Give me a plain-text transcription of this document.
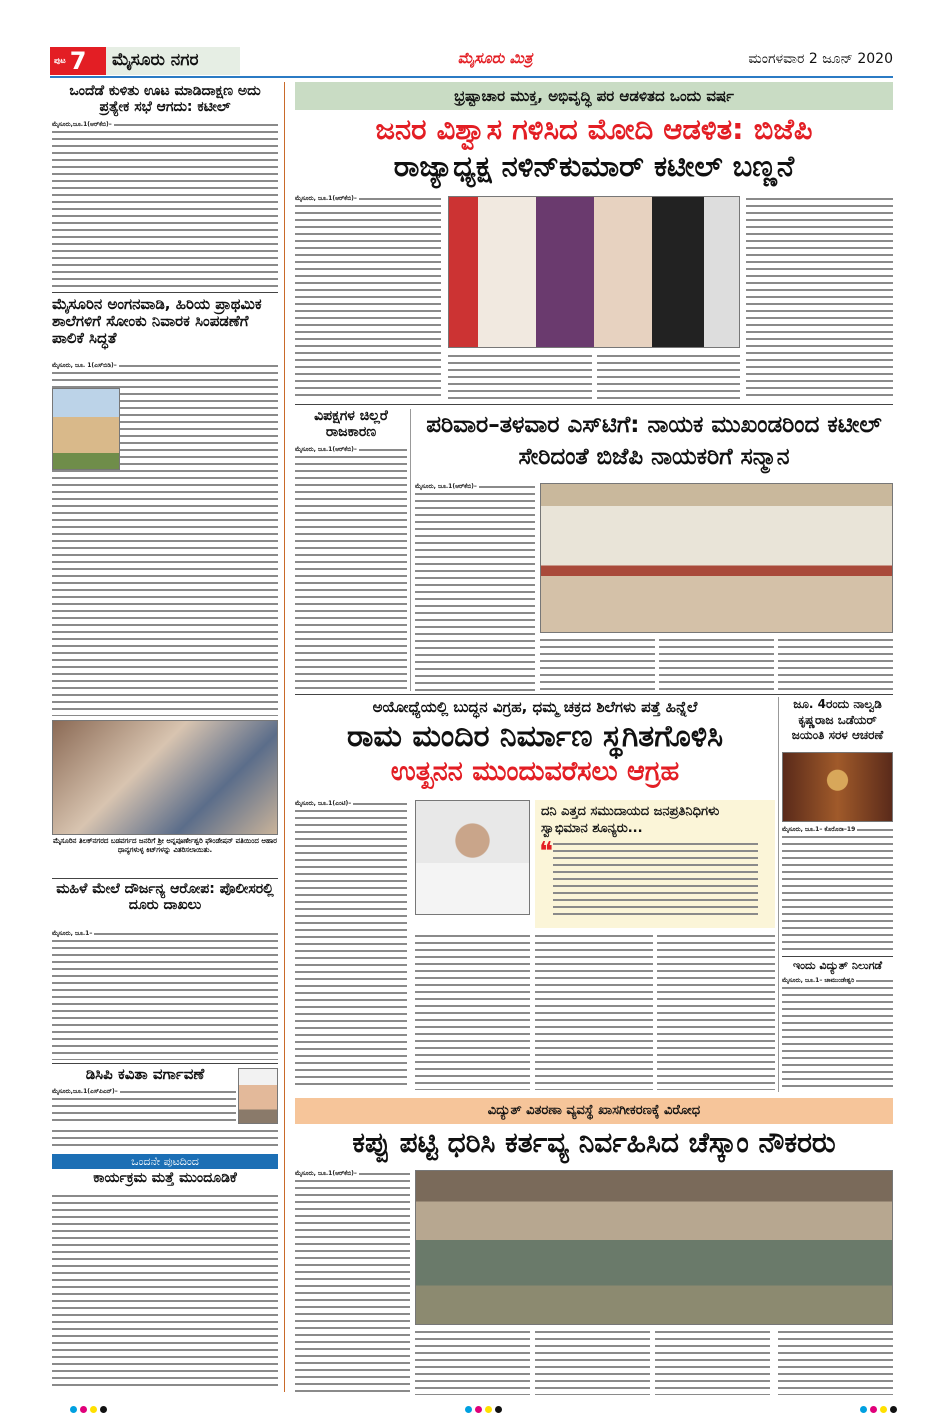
ಪುಟ 7	ಮೈಸೂರು ನಗರ	ಮೈಸೂರು ಮಿತ್ರ	ಮಂಗಳವಾರ 2 ಜೂನ್ 2020
ಒಂದೆಡೆ ಕುಳಿತು ಊಟ ಮಾಡಿದಾಕ್ಷಣ ಅದು ಪ್ರತ್ಯೇಕ ಸಭೆ ಆಗದು: ಕಟೀಲ್
ಮೈಸೂರು,ಜೂ.1(ಆರ್‌ಕೆಬಿ)–
ಮೈಸೂರಿನ ಅಂಗನವಾಡಿ, ಹಿರಿಯ ಪ್ರಾಥಮಿಕ ಶಾಲೆಗಳಿಗೆ ಸೋಂಕು ನಿವಾರಕ ಸಿಂಪಡಣೆಗೆ ಪಾಲಿಕೆ ಸಿದ್ಧತೆ
ಮೈಸೂರು, ಜೂ. 1(ಎಸ್‌ಬಿಡಿ)–
ಮೈಸೂರಿನ ತಿಲಕ್‌ನಗರದ ಬಡವರ್ಗದ ಜನರಿಗೆ ಶ್ರೀ ಅನ್ನಪೂರ್ಣೇಶ್ವರಿ ಫೌಂಡೇಷನ್ ವತಿಯಿಂದ ಆಹಾರ ಧಾನ್ಯಗಳುಳ್ಳ ಕಿಟ್‌ಗಳನ್ನು ವಿತರಿಸಲಾಯಿತು.
ಮಹಿಳೆ ಮೇಲೆ ದೌರ್ಜನ್ಯ ಆರೋಪ: ಪೊಲೀಸರಲ್ಲಿ ದೂರು ದಾಖಲು
ಮೈಸೂರು, ಜೂ.1–
ಡಿಸಿಪಿ ಕವಿತಾ ವರ್ಗಾವಣೆ
ಮೈಸೂರು,ಜೂ.1(ಎಸ್‌ಪಿಎನ್)–
ಒಂದನೇ ಪುಟದಿಂದ
ಕಾರ್ಯಕ್ರಮ ಮತ್ತೆ ಮುಂದೂಡಿಕೆ
ಭ್ರಷ್ಟಾಚಾರ ಮುಕ್ತ, ಅಭಿವೃದ್ಧಿ ಪರ ಆಡಳಿತದ ಒಂದು ವರ್ಷ
ಜನರ ವಿಶ್ವಾಸ ಗಳಿಸಿದ ಮೋದಿ ಆಡಳಿತ: ಬಿಜೆಪಿ
ರಾಜ್ಯಾಧ್ಯಕ್ಷ ನಳಿನ್‌ಕುಮಾರ್ ಕಟೀಲ್ ಬಣ್ಣನೆ
ಮೈಸೂರು, ಜೂ.1(ಆರ್‌ಕೆಬಿ)–
ವಿಪಕ್ಷಗಳ ಚಿಲ್ಲರೆ ರಾಜಕಾರಣ
ಮೈಸೂರು, ಜೂ.1(ಆರ್‌ಕೆಬಿ)–
ಪರಿವಾರ–ತಳವಾರ ಎಸ್‌ಟಿಗೆ: ನಾಯಕ ಮುಖಂಡರಿಂದ ಕಟೀಲ್ ಸೇರಿದಂತೆ ಬಿಜೆಪಿ ನಾಯಕರಿಗೆ ಸನ್ಮಾನ
ಮೈಸೂರು, ಜೂ.1(ಆರ್‌ಕೆಬಿ)–
ಅಯೋಧ್ಯೆಯಲ್ಲಿ ಬುದ್ಧನ ವಿಗ್ರಹ, ಧಮ್ಮ ಚಕ್ರದ ಶಿಲೆಗಳು ಪತ್ತೆ ಹಿನ್ನೆಲೆ
ರಾಮ ಮಂದಿರ ನಿರ್ಮಾಣ ಸ್ಥಗಿತಗೊಳಿಸಿ
ಉತ್ಖನನ ಮುಂದುವರೆಸಲು ಆಗ್ರಹ
ಮೈಸೂರು, ಜೂ.1(ಎಂಟಿ)–
ದನಿ ಎತ್ತದ ಸಮುದಾಯದ ಜನಪ್ರತಿನಿಧಿಗಳು ಸ್ವಾಭಿಮಾನ ಶೂನ್ಯರು...
❝
ಜೂ. 4ರಂದು ನಾಲ್ವಡಿ ಕೃಷ್ಣರಾಜ ಒಡೆಯರ್ ಜಯಂತಿ ಸರಳ ಆಚರಣೆ
ಮೈಸೂರು, ಜೂ.1– ಕೊರೊನಾ–19
ಇಂದು ವಿದ್ಯುತ್ ನಿಲುಗಡೆ
ಮೈಸೂರು, ಜೂ.1– ಚಾಮುಂಡೇಶ್ವರಿ
ವಿದ್ಯುತ್ ವಿತರಣಾ ವ್ಯವಸ್ಥೆ ಖಾಸಗೀಕರಣಕ್ಕೆ ವಿರೋಧ
ಕಪ್ಪು ಪಟ್ಟಿ ಧರಿಸಿ ಕರ್ತವ್ಯ ನಿರ್ವಹಿಸಿದ ಚೆಸ್ಕಾಂ ನೌಕರರು
ಮೈಸೂರು, ಜೂ.1(ಆರ್‌ಕೆಬಿ)–
